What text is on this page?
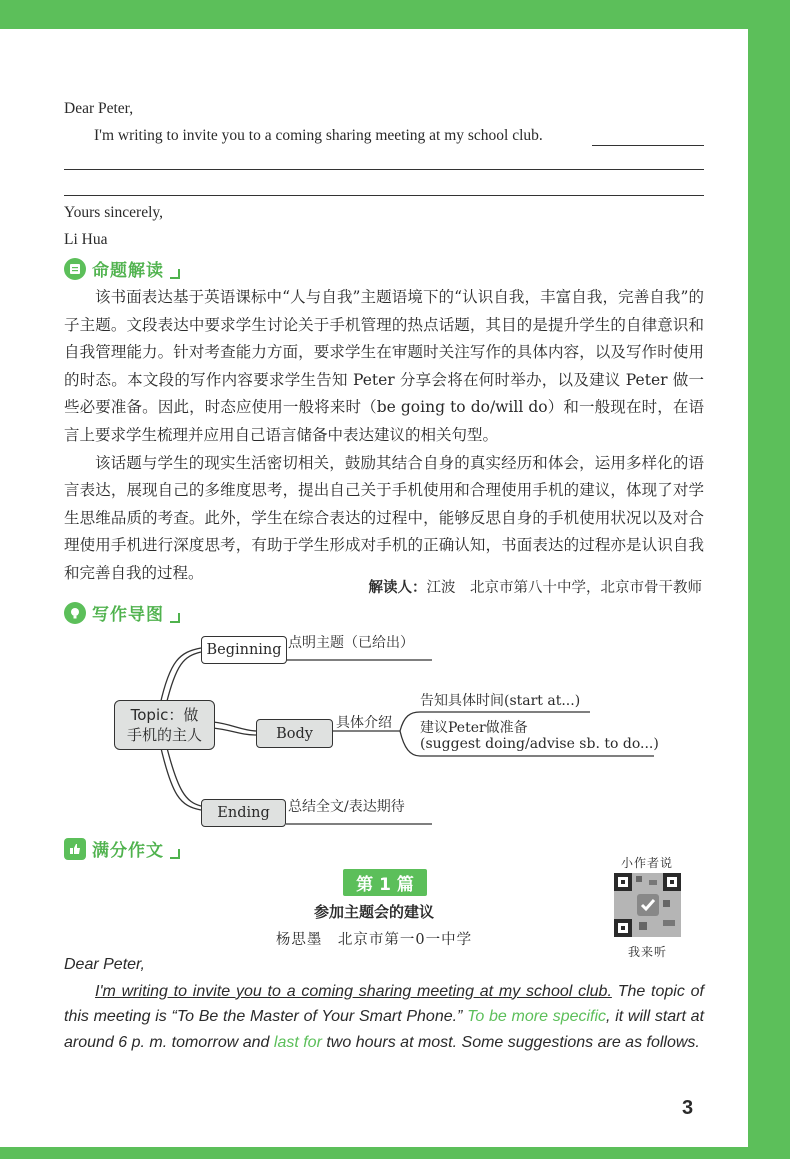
Dear Peter,
I'm writing to invite you to a coming sharing meeting at my school club.
Yours sincerely,
Li Hua
命题解读

该书面表达基于英语课标中“人与自我”主题语境下的“认识自我，丰富自我，完善自我”的子主题。文段表达中要求学生讨论关于手机管理的热点话题，其目的是提升学生的自律意识和自我管理能力。针对考查能力方面，要求学生在审题时关注写作的具体内容，以及写作时使用的时态。本文段的写作内容要求学生告知 Peter 分享会将在何时举办，以及建议 Peter 做一些必要准备。因此，时态应使用一般将来时（be going to do/will do）和一般现在时，在语言上要求学生梳理并应用自己语言储备中表达建议的相关句型。

该话题与学生的现实生活密切相关，鼓励其结合自身的真实经历和体会，运用多样化的语言表达，展现自己的多维度思考，提出自己关于手机使用和合理使用手机的建议，体现了对学生思维品质的考查。此外，学生在综合表达的过程中，能够反思自身的手机使用状况以及对合理使用手机进行深度思考，有助于学生形成对手机的正确认知，书面表达的过程亦是认识自我和完善自我的过程。

解读人：江波　北京市第八十中学，北京市骨干教师
写作导图
Topic：做手机的主人
Beginning
Body
Ending
点明主题（已给出）
具体介绍
告知具体时间(start at...)
建议Peter做准备
(suggest doing/advise sb. to do...)
总结全文/表达期待
满分作文
第 1 篇
参加主题会的建议
杨思墨　北京市第一0一中学
小作者说
我来听

Dear Peter,

I'm writing to invite you to a coming sharing meeting at my school club. The topic of this meeting is “To Be the Master of Your Smart Phone.” To be more specific, it will start at around 6 p. m. tomorrow and last for two hours at most. Some suggestions are as follows.

3
